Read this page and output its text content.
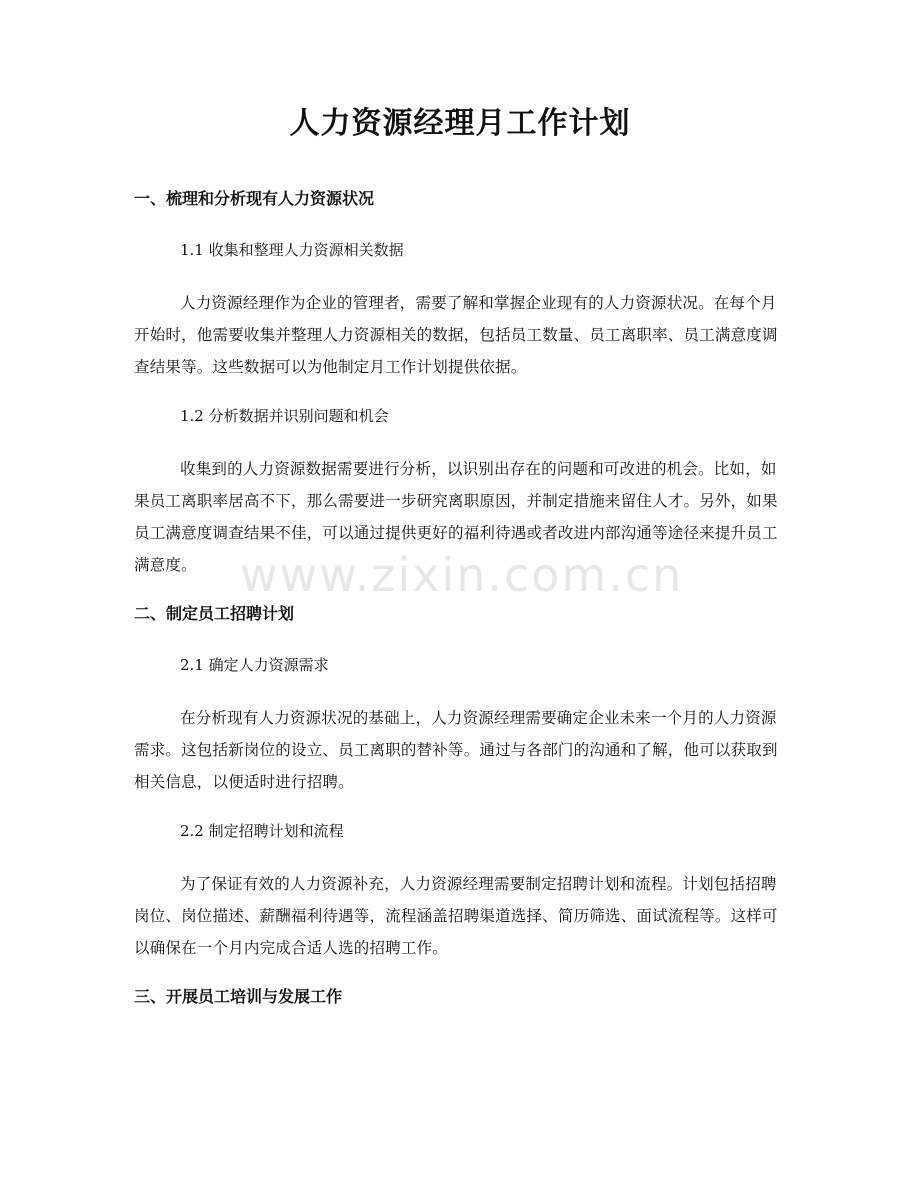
人力资源经理月工作计划
一、梳理和分析现有人力资源状况
1.1 收集和整理人力资源相关数据

人力资源经理作为企业的管理者，需要了解和掌握企业现有的人力资源状况。在每个月开始时，他需要收集并整理人力资源相关的数据，包括员工数量、员工离职率、员工满意度调查结果等。这些数据可以为他制定月工作计划提供依据。

1.2 分析数据并识别问题和机会

收集到的人力资源数据需要进行分析，以识别出存在的问题和可改进的机会。比如，如果员工离职率居高不下，那么需要进一步研究离职原因，并制定措施来留住人才。另外，如果员工满意度调查结果不佳，可以通过提供更好的福利待遇或者改进内部沟通等途径来提升员工满意度。

二、制定员工招聘计划
2.1 确定人力资源需求

在分析现有人力资源状况的基础上，人力资源经理需要确定企业未来一个月的人力资源需求。这包括新岗位的设立、员工离职的替补等。通过与各部门的沟通和了解，他可以获取到相关信息，以便适时进行招聘。

2.2 制定招聘计划和流程

为了保证有效的人力资源补充，人力资源经理需要制定招聘计划和流程。计划包括招聘岗位、岗位描述、薪酬福利待遇等，流程涵盖招聘渠道选择、简历筛选、面试流程等。这样可以确保在一个月内完成合适人选的招聘工作。

三、开展员工培训与发展工作
www.zixin.com.cn
